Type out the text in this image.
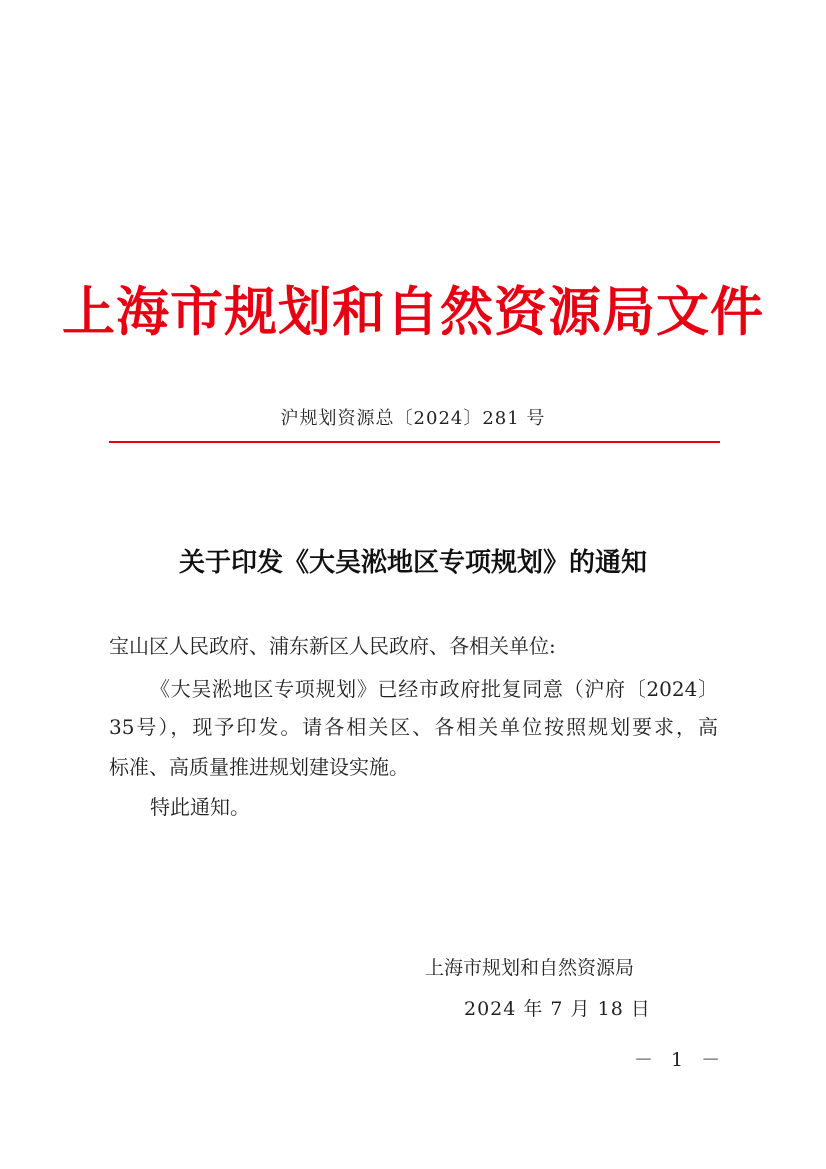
上海市规划和自然资源局文件
沪规划资源总〔2024〕281 号
关于印发《大吴淞地区专项规划》的通知
宝山区人民政府、浦东新区人民政府、各相关单位:
《大吴淞地区专项规划》已经市政府批复同意（沪府〔2024〕
35号），现予印发。请各相关区、各相关单位按照规划要求，高
标准、高质量推进规划建设实施。
特此通知。
上海市规划和自然资源局
2024 年 7 月 18 日
－ 1 －
